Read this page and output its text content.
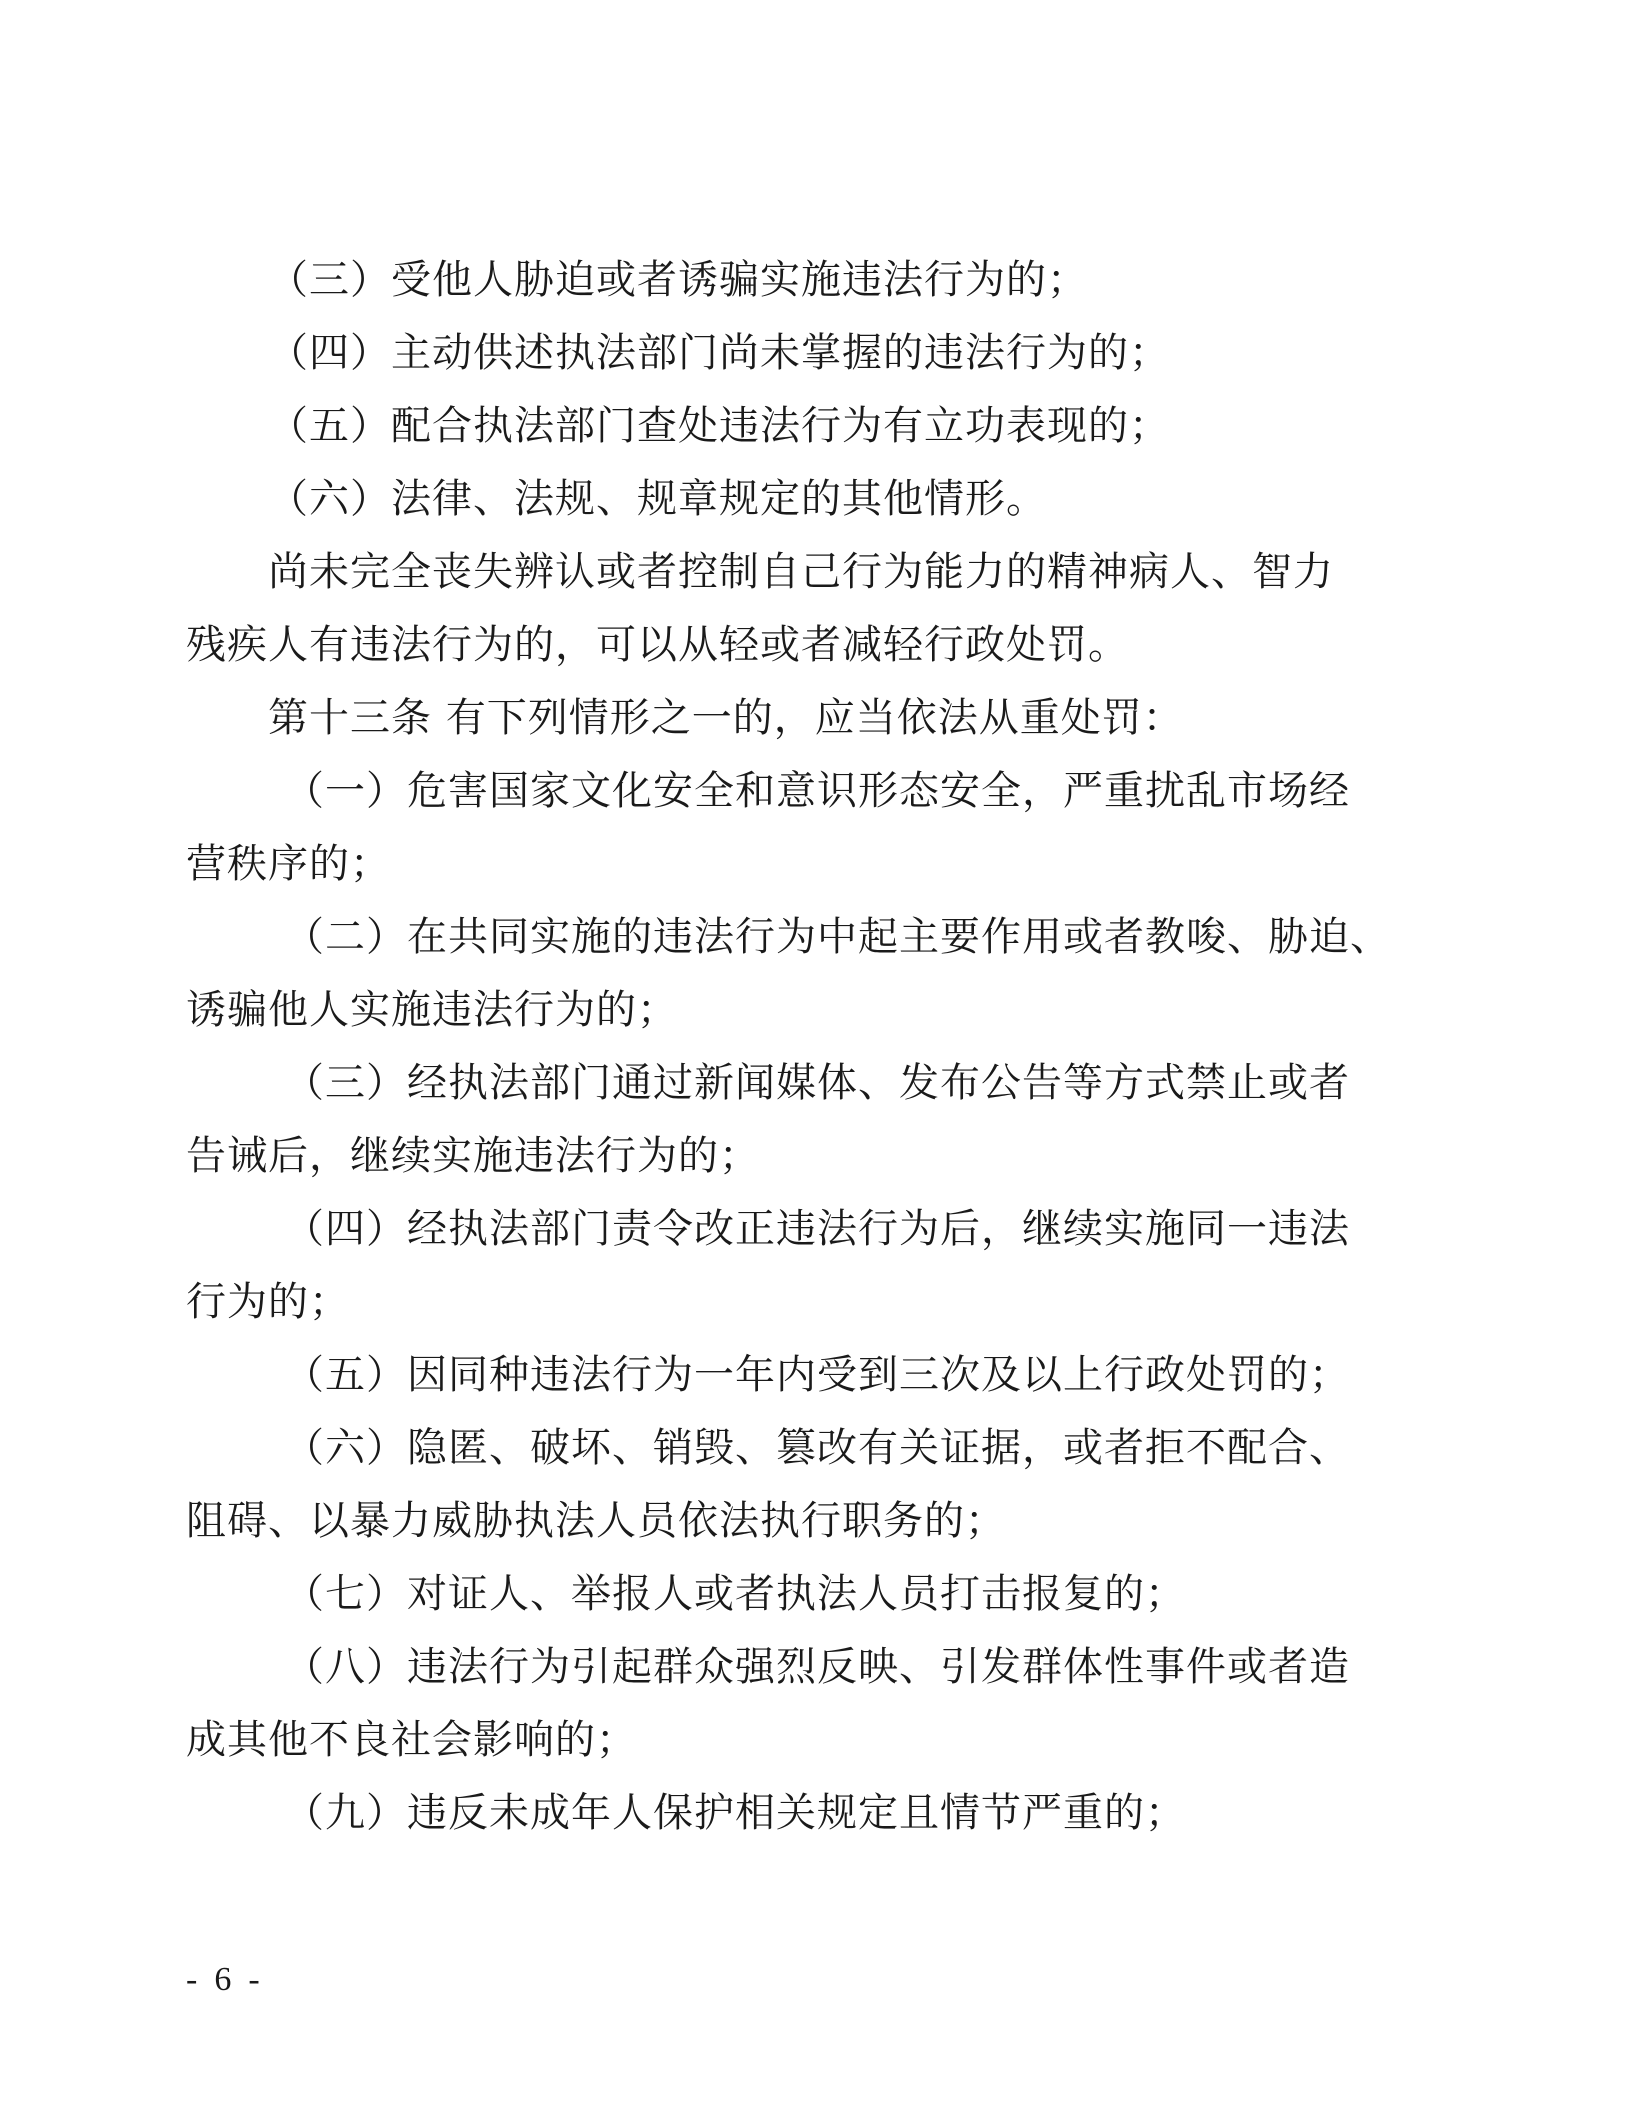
（三）受他人胁迫或者诱骗实施违法行为的；
（四）主动供述执法部门尚未掌握的违法行为的；
（五）配合执法部门查处违法行为有立功表现的；
（六）法律、法规、规章规定的其他情形。
尚未完全丧失辨认或者控制自己行为能力的精神病人、智力
残疾人有违法行为的，可以从轻或者减轻行政处罚。
第十三条 有下列情形之一的，应当依法从重处罚：
（一）危害国家文化安全和意识形态安全，严重扰乱市场经
营秩序的；
（二）在共同实施的违法行为中起主要作用或者教唆、胁迫、
诱骗他人实施违法行为的；
（三）经执法部门通过新闻媒体、发布公告等方式禁止或者
告诫后，继续实施违法行为的；
（四）经执法部门责令改正违法行为后，继续实施同一违法
行为的；
（五）因同种违法行为一年内受到三次及以上行政处罚的；
（六）隐匿、破坏、销毁、篡改有关证据，或者拒不配合、
阻碍、以暴力威胁执法人员依法执行职务的；
（七）对证人、举报人或者执法人员打击报复的；
（八）违法行为引起群众强烈反映、引发群体性事件或者造
成其他不良社会影响的；
（九）违反未成年人保护相关规定且情节严重的；
-  6  -
